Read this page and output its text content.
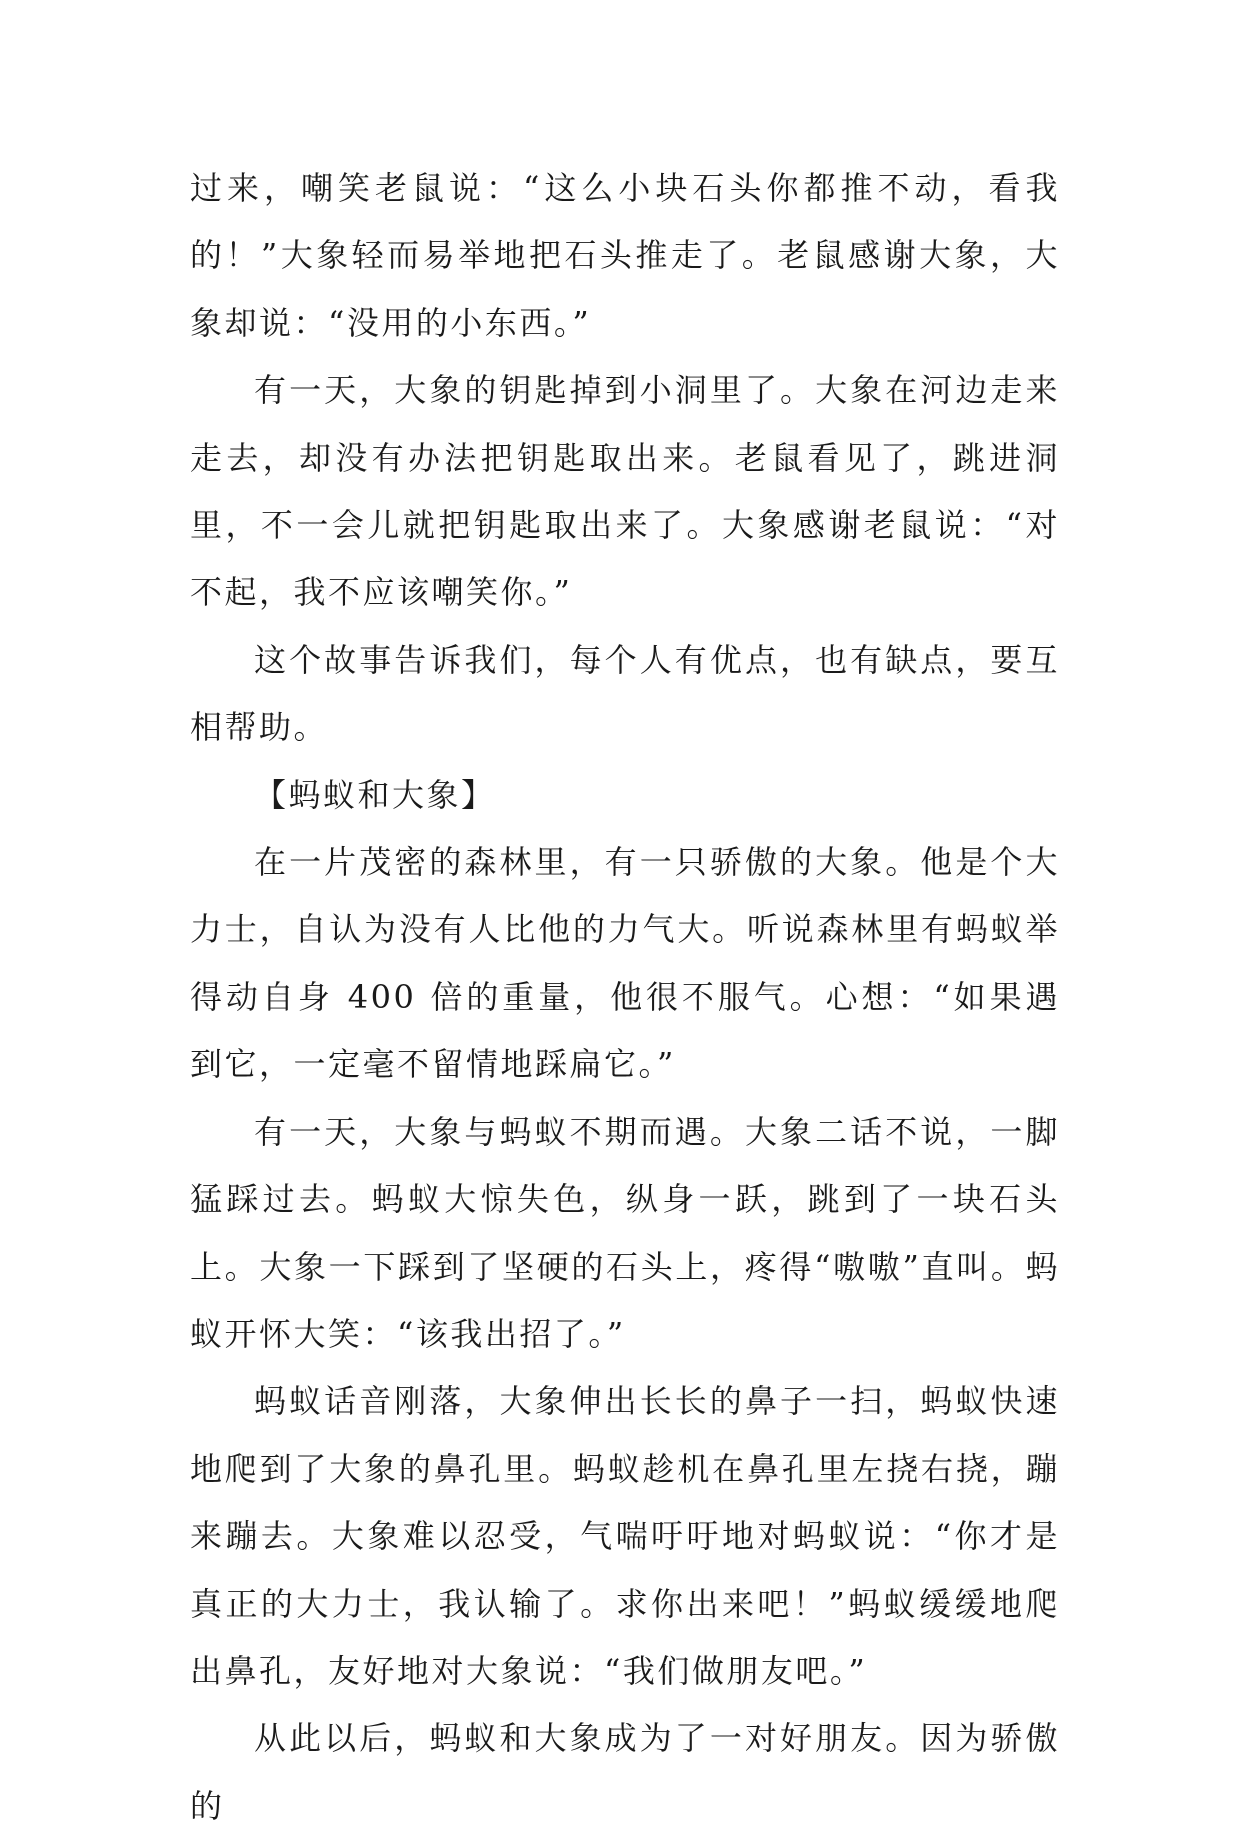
过来，嘲笑老鼠说：“这么小块石头你都推不动，看我的！”大象轻而易举地把石头推走了。老鼠感谢大象，大象却说：“没用的小东西。”

有一天，大象的钥匙掉到小洞里了。大象在河边走来走去，却没有办法把钥匙取出来。老鼠看见了，跳进洞里，不一会儿就把钥匙取出来了。大象感谢老鼠说：“对不起，我不应该嘲笑你。”

这个故事告诉我们，每个人有优点，也有缺点，要互相帮助。

【蚂蚁和大象】

在一片茂密的森林里，有一只骄傲的大象。他是个大力士，自认为没有人比他的力气大。听说森林里有蚂蚁举得动自身 400 倍的重量，他很不服气。心想：“如果遇到它，一定毫不留情地踩扁它。”

有一天，大象与蚂蚁不期而遇。大象二话不说，一脚猛踩过去。蚂蚁大惊失色，纵身一跃，跳到了一块石头上。大象一下踩到了坚硬的石头上，疼得“嗷嗷”直叫。蚂蚁开怀大笑：“该我出招了。”

蚂蚁话音刚落，大象伸出长长的鼻子一扫，蚂蚁快速地爬到了大象的鼻孔里。蚂蚁趁机在鼻孔里左挠右挠，蹦来蹦去。大象难以忍受，气喘吁吁地对蚂蚁说：“你才是真正的大力士，我认输了。求你出来吧！”蚂蚁缓缓地爬出鼻孔，友好地对大象说：“我们做朋友吧。”

从此以后，蚂蚁和大象成为了一对好朋友。因为骄傲的
